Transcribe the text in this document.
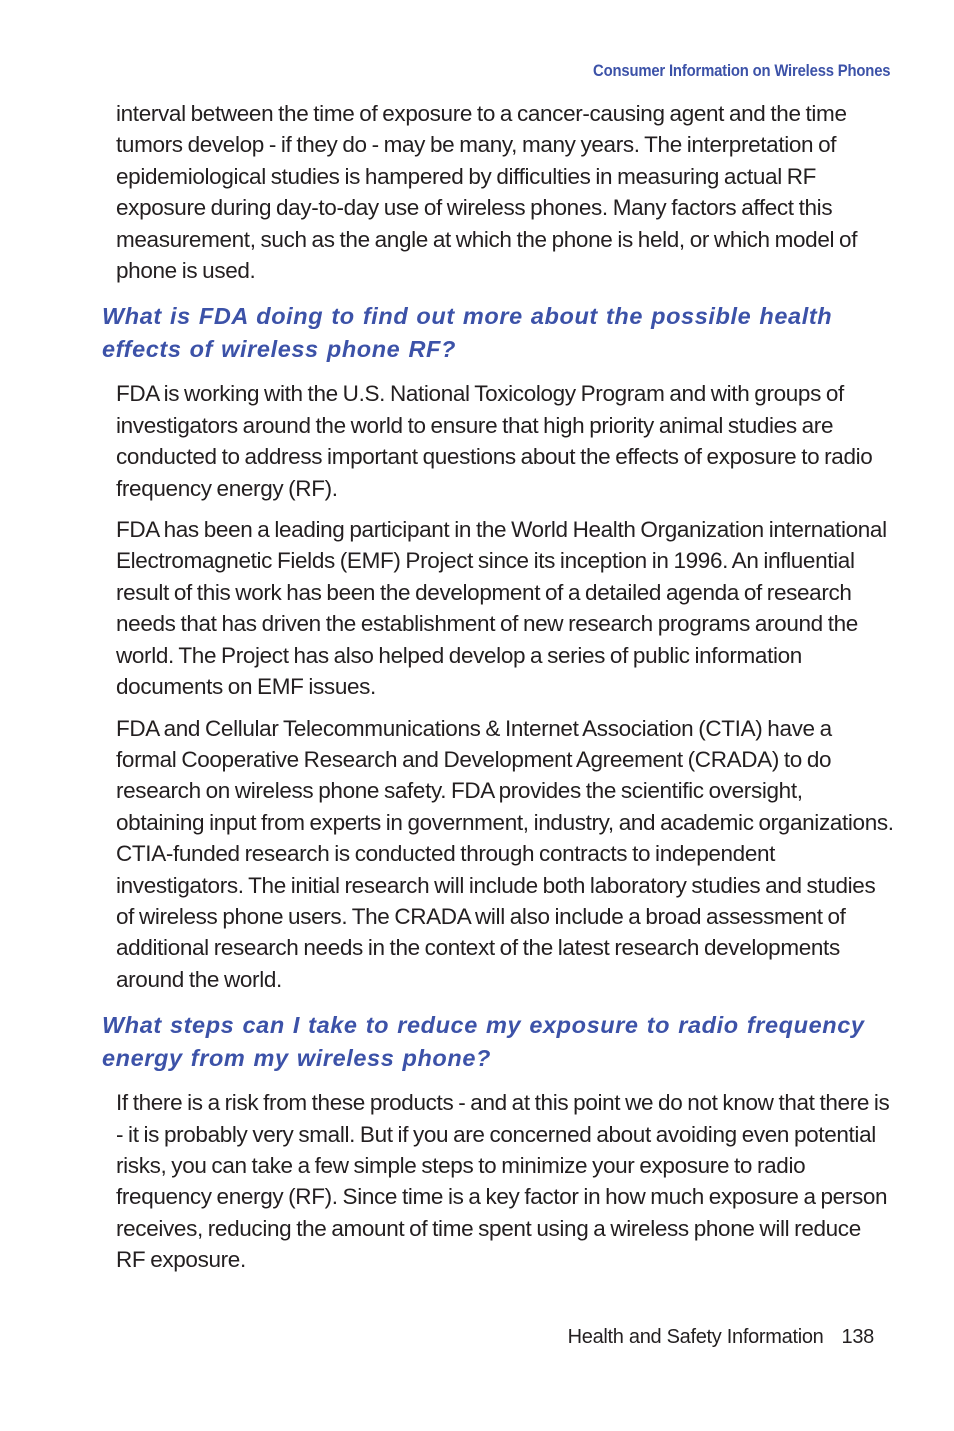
Consumer Information on Wireless Phones

interval between the time of exposure to a cancer-causing agent and the time tumors develop - if they do - may be many, many years. The interpretation of epidemiological studies is hampered by difficulties in measuring actual RF exposure during day-to-day use of wireless phones. Many factors affect this measurement, such as the angle at which the phone is held, or which model of phone is used.

What is FDA doing to find out more about the possible health effects of wireless phone RF?

FDA is working with the U.S. National Toxicology Program and with groups of investigators around the world to ensure that high priority animal studies are conducted to address important questions about the effects of exposure to radio frequency energy (RF).

FDA has been a leading participant in the World Health Organization international Electromagnetic Fields (EMF) Project since its inception in 1996. An influential result of this work has been the development of a detailed agenda of research needs that has driven the establishment of new research programs around the world. The Project has also helped develop a series of public information documents on EMF issues.

FDA and Cellular Telecommunications & Internet Association (CTIA) have a formal Cooperative Research and Development Agreement (CRADA) to do research on wireless phone safety. FDA provides the scientific oversight, obtaining input from experts in government, industry, and academic organizations. CTIA-funded research is conducted through contracts to independent investigators. The initial research will include both laboratory studies and studies of wireless phone users. The CRADA will also include a broad assessment of additional research needs in the context of the latest research developments around the world.

What steps can I take to reduce my exposure to radio frequency energy from my wireless phone?

If there is a risk from these products - and at this point we do not know that there is - it is probably very small. But if you are concerned about avoiding even potential risks, you can take a few simple steps to minimize your exposure to radio frequency energy (RF). Since time is a key factor in how much exposure a person receives, reducing the amount of time spent using a wireless phone will reduce RF exposure.

Health and Safety Information 138
